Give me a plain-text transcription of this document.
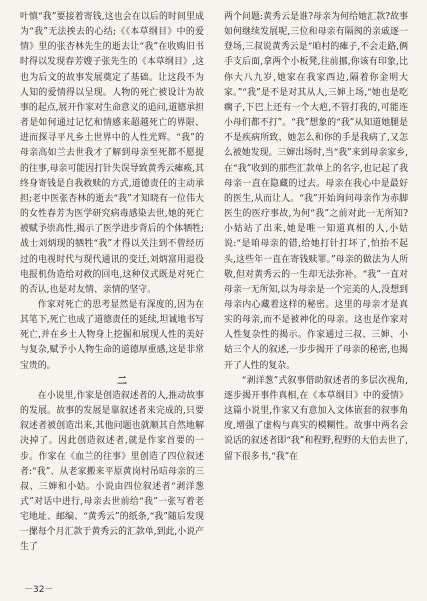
叶慎“我”要接着寄钱,这也会在以后的时间里成为“我”无法挨去的心结;《《本草纲目》中的爱情》里的张杏林先生的逝去让“我”在收购旧书时得以发现春芳嫂子张先生的《本草纲目》,这也为后文的故事发展奠定了基础。让这段不为人知的爱情得以呈现。人物的死亡被设计为故事的起点,展开作家对生命意义的追问,道德承担者是如何通过记忆和情感来超越死亡的界限、进而探寻平凡乡土世界中的人性光辉。“我”的母亲高如兰去世我才了解到母亲至死都不愿提的往事,母亲可能因打针失误导致黄秀云瘫痪,其终身寄钱是自我救赎的方式,道德责任的主动承担;老中医张杏林的逝去“我”才知晓有一位伟大的女性春芳为医学研究病毒感染去世,她的死亡被赋予崇高性,揭示了医学进步背后的个体牺牲;战士刘炳现的牺牲“我”才得以关注到不曾经历过的电视时代与现代通讯的变迁,刘炳富用退役电报机伪造给对救的回电,这种仪式既是对死亡的否认,也是对友情、亲情的坚守。

作家对死亡的思考显然是有深度的,因为在其笔下,死亡也成了道德责任的延续,坦诚地书写死亡,并在乡土人物身上挖掘和展现人性的美好与复杂,赋予小人物生命的道德厚重感,这是非常宝贵的。

二

在小说里,作家是创造叙述者的人,推动故事的发展。故事的发展是靠叙述者来完成的,只要叙述者被创造出来,其他问题也就顺其自然地解决掉了。因此创造叙述者,就是作家首要的一步。作家在《血兰的往事》里创造了四位叙述者:“我”、从老家搬来平原黄岗村吊唁母亲的三叔、三婶和小姑。小说由四位叙述者“剥洋葱式”对话中进行,母亲去世前给“我”一张写着老宅地址、邮编、“黄秀云”的纸条,“我”随后发现一摞每个月汇款于黄秀云的汇款单,到此,小说产生了

两个问题:黄秀云是谁?母亲为何给她汇款?故事如何继续发展呢,三位和母亲有隔阂的亲戚逐一登场,三叔说黄秀云是“咱村的瘫子,不会走路,俩手支后面,拿两个小板凳,往前挪,你该有印象,比你大八九岁,她家在我家西边,隔着你金明大家。”“我”是不是对其从人,三婶上场,“她也是吃瘸子,下巴上还有一个大疤,不管打我的,可能连小母们都不打”。“我”想象的“我”从知道她腿是不是疾病所致、她怎么和你的手是我病了,又怎么被她发现。三婶出场时,当“我”来到母亲家乡,在“我”收到的那些汇款单上的名字,也记起了我母亲一直在隐藏的过去。母亲在我心中是最好的医生,从而让人。“我”开始询问母亲作为赤脚医生的医疗事故,为何“我”之前对此一无所知?小姑站了出来,她是唯一知道真相的人,小姑说:“是咱母亲的错,给她打针打坏了,怕抬不起头,这些年一直在寄钱赎罪。”母亲的做法为人所敬,但对黄秀云的一生却无法弥补。“我”一直对母亲一无所知,以为母亲是一个完美的人,没想到母亲内心藏着这样的秘密。这里的母亲才是真实的母亲,而不是被神化的母亲。这也是作家对人性复杂性的揭示。作家通过三叔、三婶、小姑三个人的叙述,一步步揭开了母亲的秘密,也揭开了人性的复杂。

“剥洋葱”式叙事借助叙述者的多层次视角,逐步揭开事件真相,在《本草纲目》中的爱情》这篇小说里,作家又有意加入文体嵌套的叙事角度,增强了虚构与真实的模糊性。故事中两名会说话的叙述者即“我”和程野,程野的大伯去世了,留下很多书,“我”在

－32－
